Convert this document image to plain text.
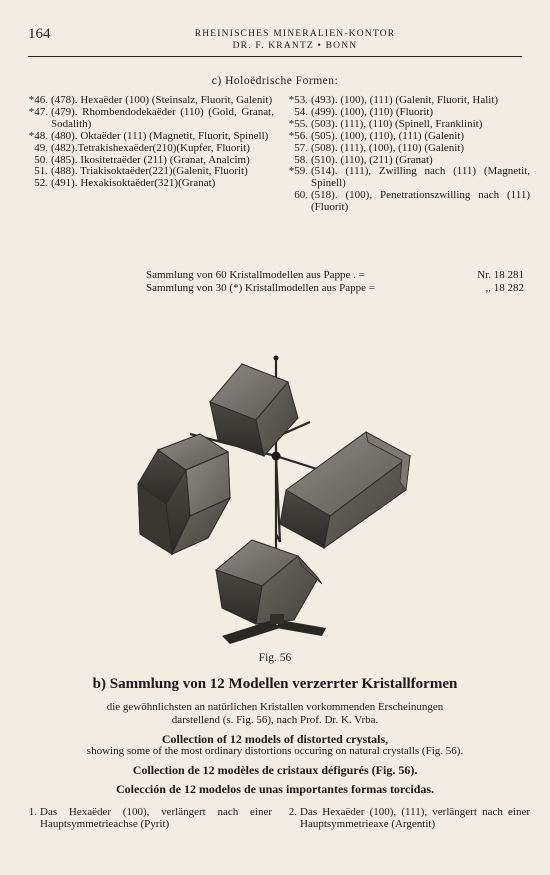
164	RHEINISCHES MINERALIEN-KONTOR
DR. F. KRANTZ • BONN
c) Holoëdrische Formen:
*46. (478). Hexaëder (100) (Steinsalz, Fluorit, Galenit)
*47. (479). Rhombendodekaëder (110) (Gold, Granat, Sodalith)
*48. (480). Oktaëder (111) (Magnetit, Fluorit, Spinell)
49. (482).Tetrakishexaëder(210)(Kupfer, Fluorit)
50. (485). Ikositetraëder (211) (Granat, Analcim)
51. (488). Triakisoktaëder(221)(Galenit, Fluorit)
52. (491). Hexakisoktaëder(321)(Granat)
*53. (493). (100), (111) (Galenit, Fluorit, Halit)
54. (499). (100), (110) (Fluorit)
*55. (503). (111), (110) (Spinell, Franklinit)
*56. (505). (100), (110), (111) (Galenit)
57. (508). (111), (100), (110) (Galenit)
58. (510). (110), (211) (Granat)
*59. (514). (111), Zwilling nach (111) (Magnetit, Spinell)
60. (518). (100), Penetrationszwilling nach (111) (Fluorit)
Sammlung von 60 Kristallmodellen aus Pappe . =	Nr. 18 281
Sammlung von 30 (*) Kristallmodellen aus Pappe =	,, 18 282
Fig. 56
b) Sammlung von 12 Modellen verzerrter Kristallformen
die gewöhnlichsten an natürlichen Kristallen vorkommenden Erscheinungen
darstellend (s. Fig. 56), nach Prof. Dr. K. Vrba.
Collection of 12 models of distorted crystals,
showing some of the most ordinary distortions occuring on natural crystalls (Fig. 56).
Collection de 12 modèles de cristaux défigurés (Fig. 56).
Colección de 12 modelos de unas importantes formas torcidas.
1. Das Hexaëder (100), verlängert nach einer Hauptsymmetrieachse (Pyrit)
2. Das Hexaëder (100), (111), verlängert nach einer Hauptsymmetrieaxe (Argentit)
